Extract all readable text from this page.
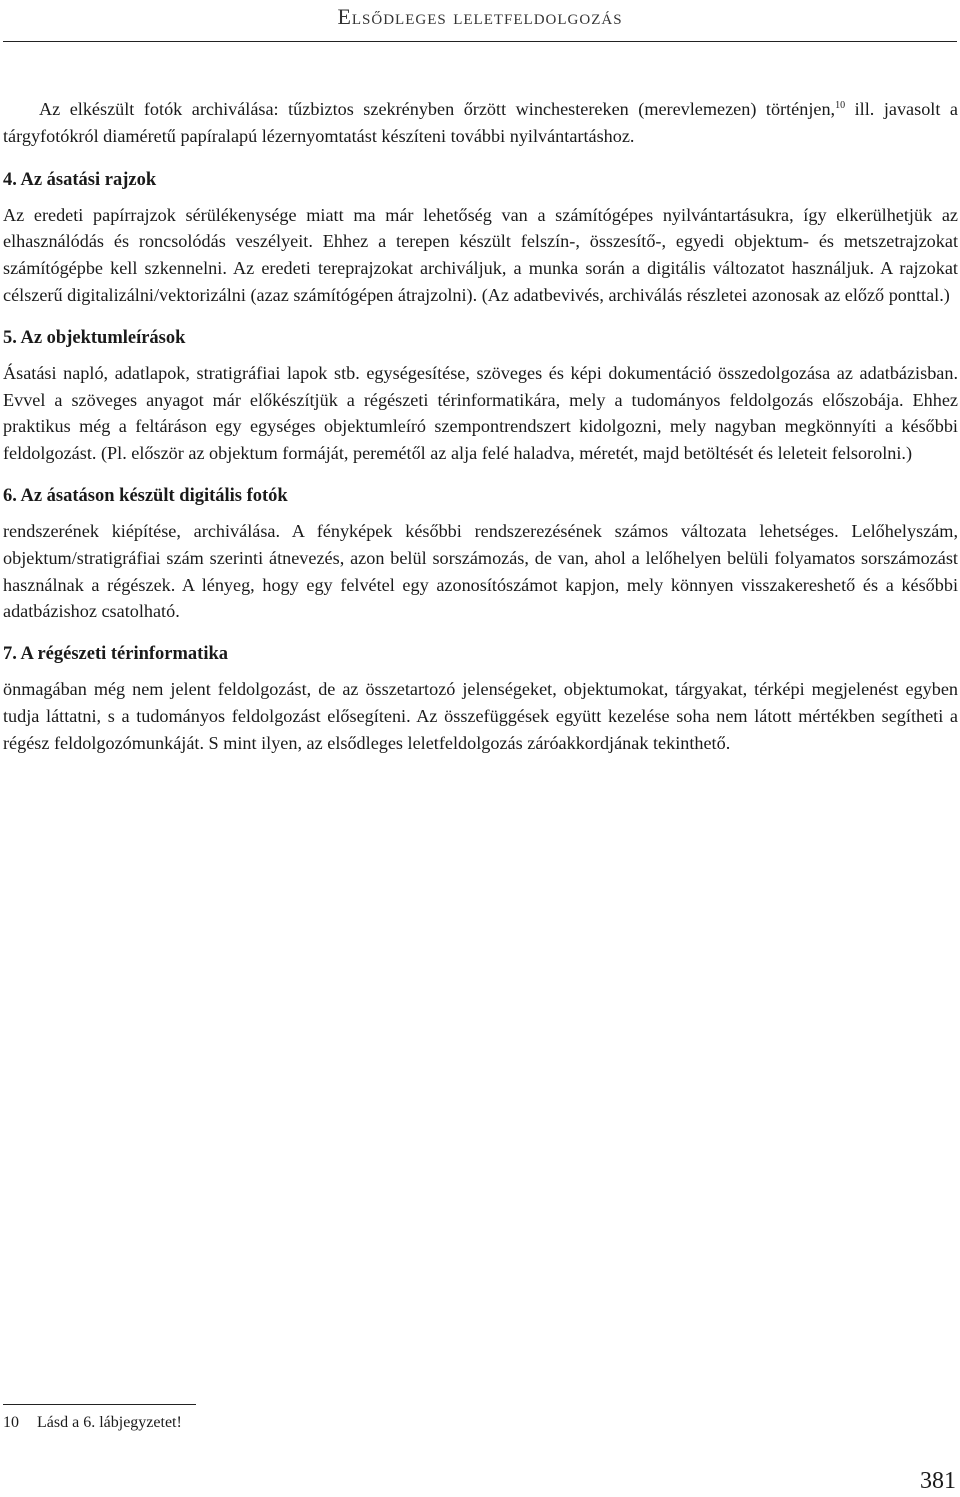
Elsődleges leletfeldolgozás

Az elkészült fotók archiválása: tűzbiztos szekrényben őrzött winchestereken (merevlemezen) történjen,$^{10}$ ill. javasolt a tárgyfotókról diaméretű papíralapú lézernyomtatást készíteni további nyilvántartáshoz.

4. Az ásatási rajzok

Az eredeti papírrajzok sérülékenysége miatt ma már lehetőség van a számítógépes nyilvántartásukra, így elkerülhetjük az elhasználódás és roncsolódás veszélyeit. Ehhez a terepen készült felszín-, összesítő-, egyedi objektum- és metszetrajzokat számítógépbe kell szkennelni. Az eredeti tereprajzokat archiváljuk, a munka során a digitális változatot használjuk. A rajzokat célszerű digitalizálni/vektorizálni (azaz számítógépen átrajzolni). (Az adatbevivés, archiválás részletei azonosak az előző ponttal.)

5. Az objektumleírások

Ásatási napló, adatlapok, stratigráfiai lapok stb. egységesítése, szöveges és képi dokumentáció összedolgozása az adatbázisban. Evvel a szöveges anyagot már előkészítjük a régészeti térinformatikára, mely a tudományos feldolgozás előszobája. Ehhez praktikus még a feltáráson egy egységes objektumleíró szempontrendszert kidolgozni, mely nagyban megkönnyíti a későbbi feldolgozást. (Pl. először az objektum formáját, peremétől az alja felé haladva, méretét, majd betöltését és leleteit felsorolni.)

6. Az ásatáson készült digitális fotók

rendszerének kiépítése, archiválása. A fényképek későbbi rendszerezésének számos változata lehetséges. Lelőhelyszám, objektum/stratigráfiai szám szerinti átnevezés, azon belül sorszámozás, de van, ahol a lelőhelyen belüli folyamatos sorszámozást használnak a régészek. A lényeg, hogy egy felvétel egy azonosítószámot kapjon, mely könnyen visszakereshető és a későbbi adatbázishoz csatolható.

7. A régészeti térinformatika

önmagában még nem jelent feldolgozást, de az összetartozó jelenségeket, objektumokat, tárgyakat, térképi megjelenést egyben tudja láttatni, s a tudományos feldolgozást elősegíteni. Az összefüggések együtt kezelése soha nem látott mértékben segítheti a régész feldolgozómunkáját. S mint ilyen, az elsődleges leletfeldolgozás záróakkordjának tekinthető.

10 Lásd a 6. lábjegyzetet!
381
